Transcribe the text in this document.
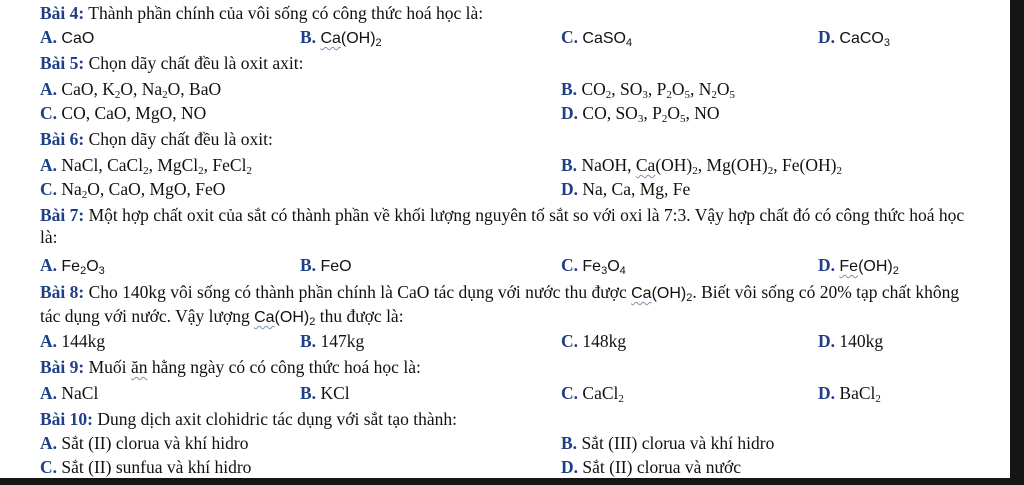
Bài 4: Thành phần chính của vôi sống có công thức hoá học là:
A. CaO	B. $Ca(OH)_2$	C. CaSO$_4$	D. CaCO$_3$
Bài 5: Chọn dãy chất đều là oxit axit:
A. CaO, $K_2O$, $Na_2O$, BaO	B. $CO_2$, $SO_3$, $P_2O_5$, $N_2O_5$
C. CO, CaO, MgO, NO	D. CO, $SO_3$, $P_2O_5$, NO
Bài 6: Chọn dãy chất đều là oxit:
A. NaCl, CaCl$_2$, MgCl$_2$, FeCl$_2$	B. NaOH, $Ca(OH)_2$, $Mg(OH)_2$, $Fe(OH)_2$
C. $Na_2O$, CaO, MgO, FeO	D. Na, Ca, Mg, Fe
Bài 7: Một hợp chất oxit của sắt có thành phần về khối lượng nguyên tố sắt so với oxi là 7:3. Vậy hợp chất đó có công thức hoá học là:
A. $Fe_2O_3$	B. FeO	C. $Fe_3O_4$	D. $Fe(OH)_2$
Bài 8: Cho 140kg vôi sống có thành phần chính là CaO tác dụng với nước thu được $Ca(OH)_2$. Biết vôi sống có 20% tạp chất không tác dụng với nước. Vậy lượng $Ca(OH)_2$ thu được là:
A. 144kg	B. 147kg	C. 148kg	D. 140kg
Bài 9: Muối ăn hằng ngày có có công thức hoá học là:
A. NaCl	B. KCl	C. CaCl$_2$	D. BaCl$_2$
Bài 10: Dung dịch axit clohidric tác dụng với sắt tạo thành:
A. Sắt (II) clorua và khí hidro	B. Sắt (III) clorua và khí hidro
C. Sắt (II) sunfua và khí hidro	D. Sắt (II) clorua và nước
